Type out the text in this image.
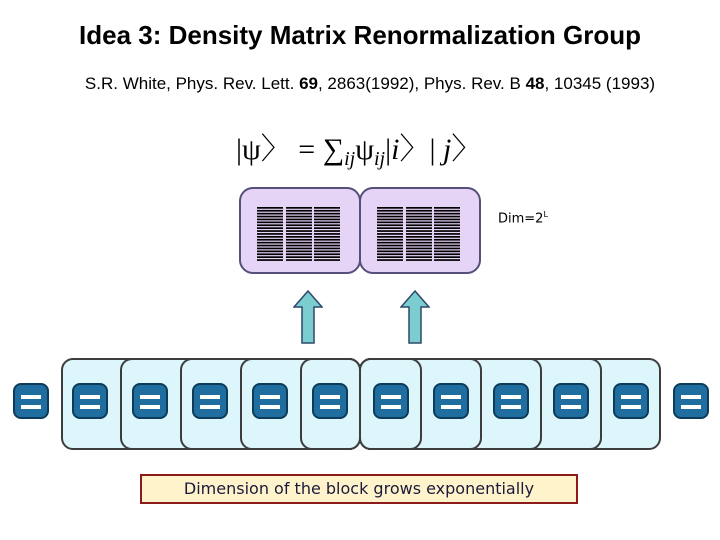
Idea 3: Density Matrix Renormalization Group
S.R. White, Phys. Rev. Lett. 69, 2863(1992), Phys. Rev. B 48, 10345 (1993)
|ψ〉 = $\sum_{ij}\psi_{ij}|i$〉| j〉
$Dim=2^L$
Dimension of the block grows exponentially
